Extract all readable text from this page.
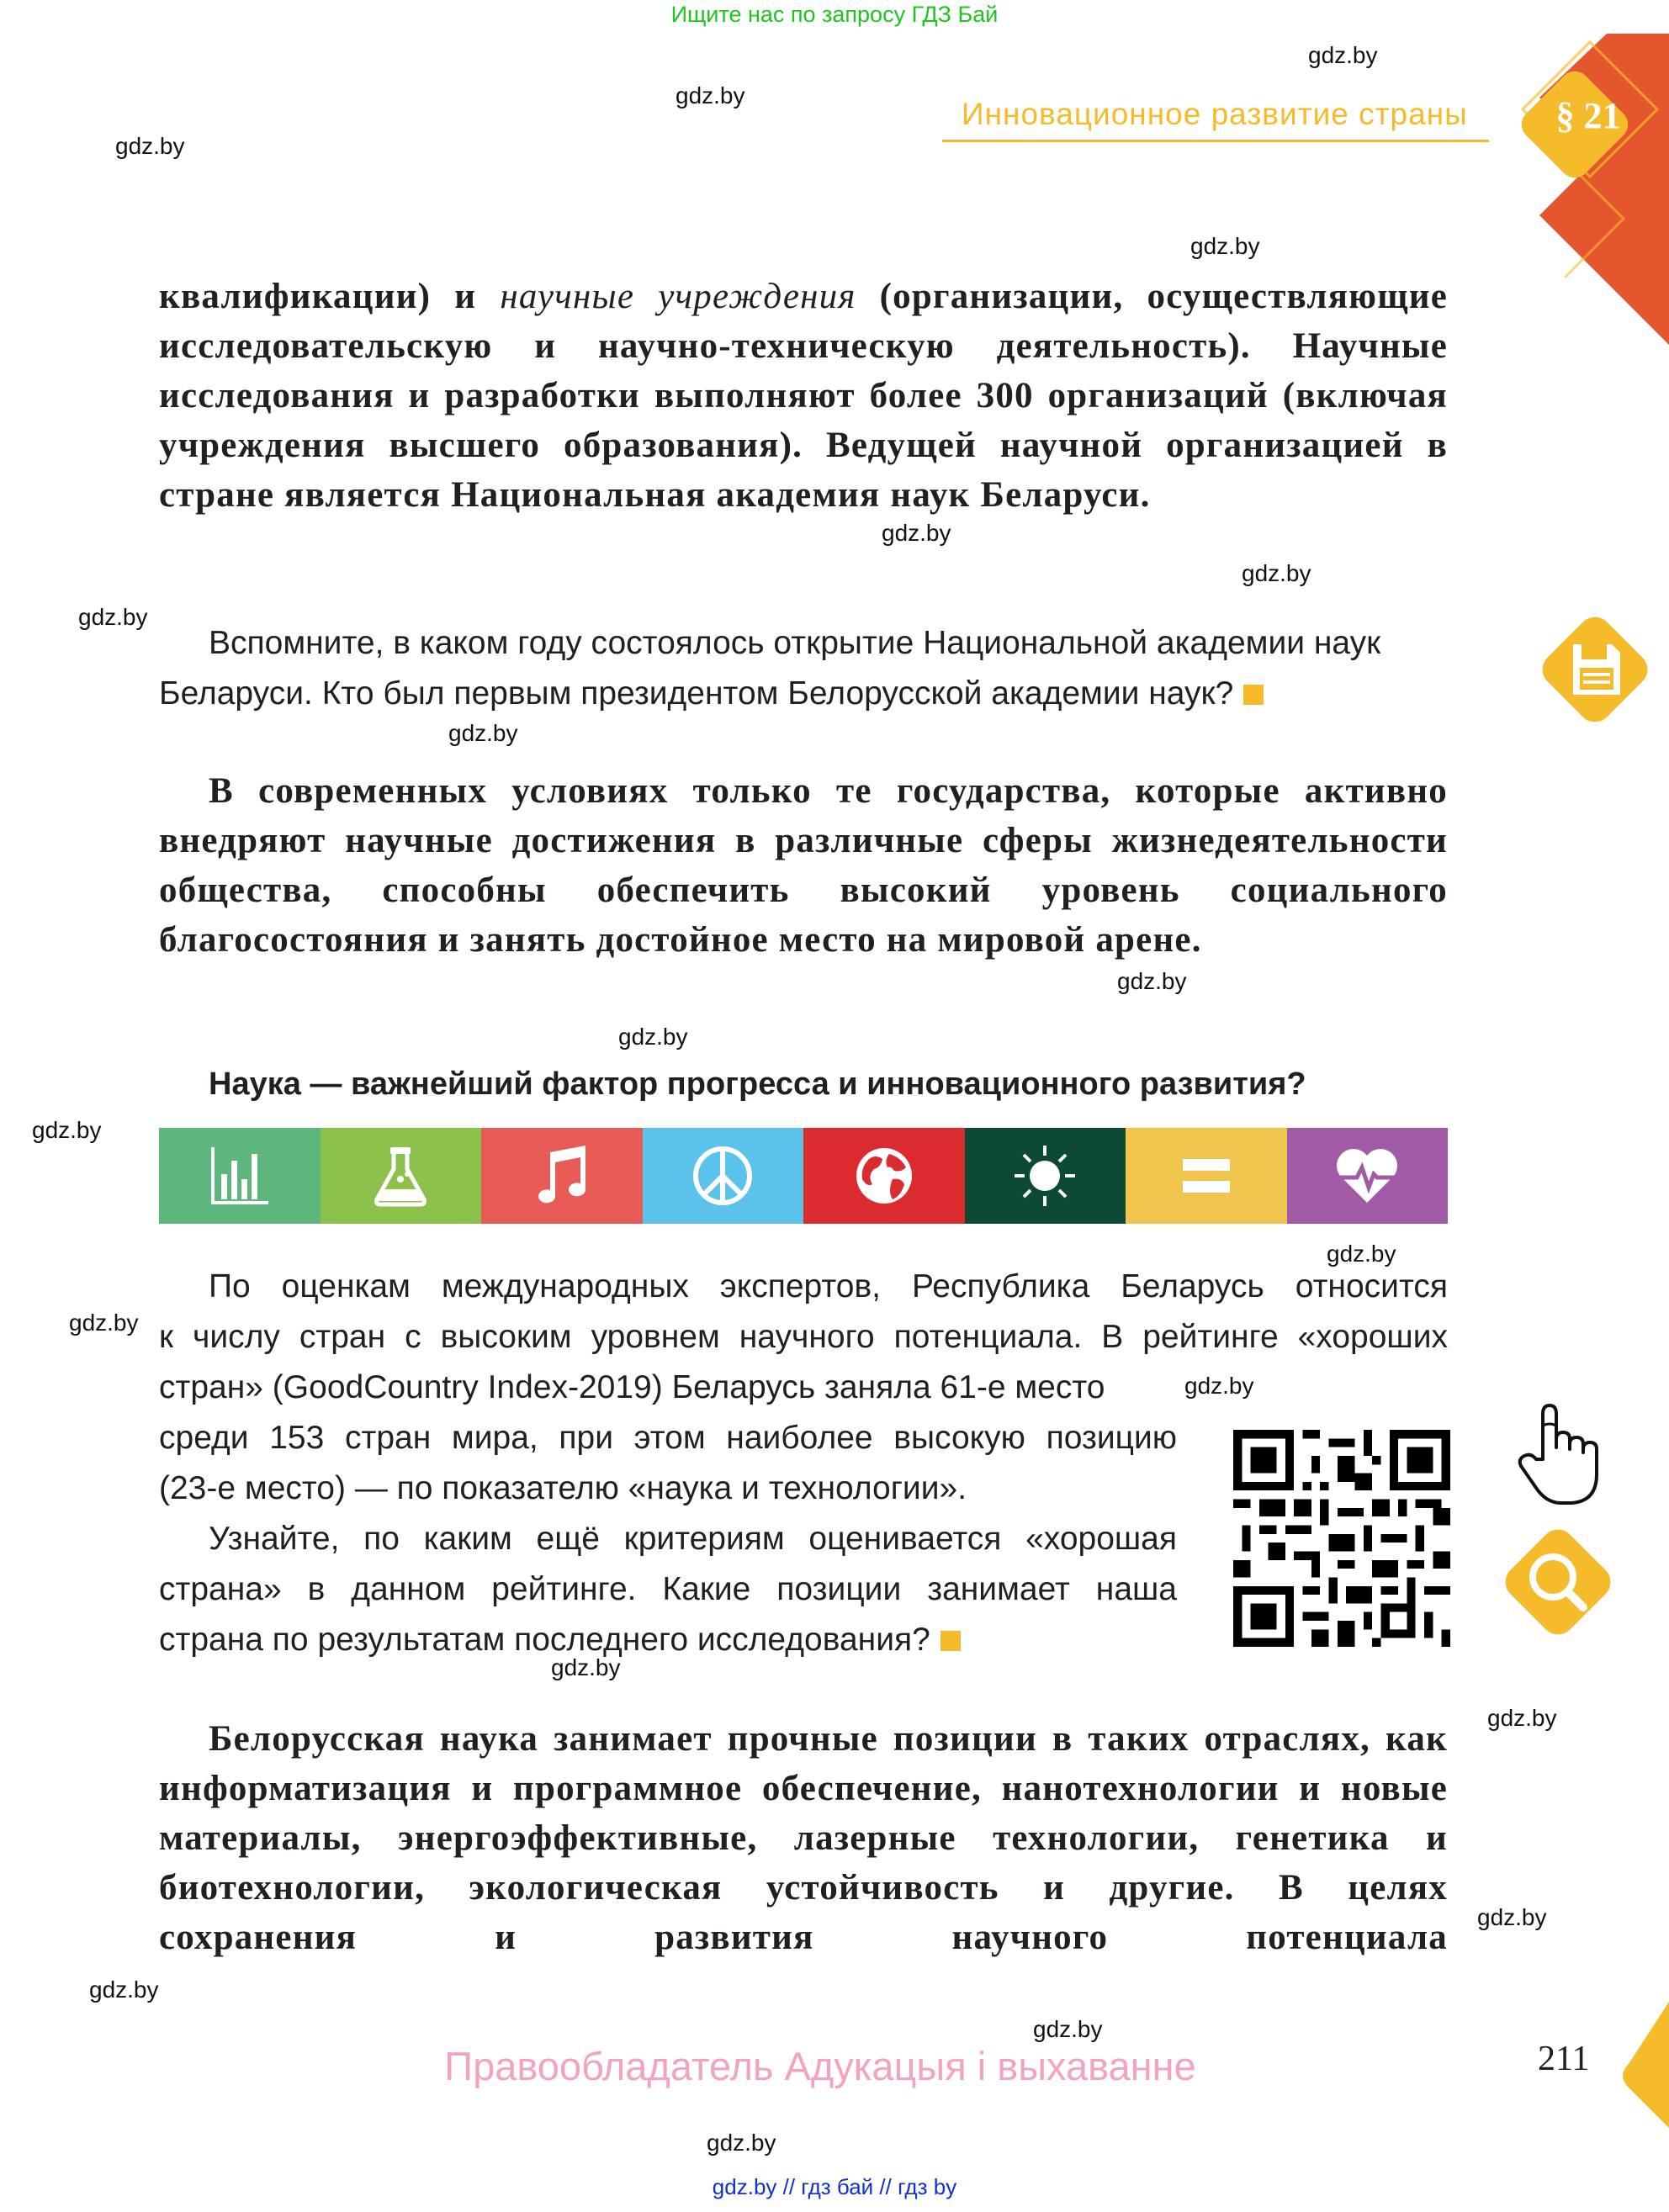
Ищите нас по запросу ГДЗ Бай
Инновационное развитие страны	§ 21
квалификации) и научные учреждения (организации, осуществляющие исследовательскую и научно-техническую деятельность). Научные исследования и разработки выполняют более 300 организаций (включая учреждения высшего образования). Ведущей научной организацией в стране является Национальная академия наук Беларуси.
Вспомните, в каком году состоялось открытие Национальной академии наук Беларуси. Кто был первым президентом Белорусской академии наук?
В современных условиях только те государства, которые активно внедряют научные достижения в различные сферы жизнедеятельности общества, способны обеспечить высокий уровень социального благосостояния и занять достойное место на мировой арене.
Наука — важнейший фактор прогресса и инновационного развития?
По оценкам международных экспертов, Республика Беларусь относится
к числу стран с высоким уровнем научного потенциала. В рейтинге «хороших
стран» (GoodCountry Index-2019) Беларусь заняла 61-е место
среди 153 стран мира, при этом наиболее высокую позицию
(23-е место) — по показателю «наука и технологии».
Узнайте, по каким ещё критериям оценивается «хорошая
страна» в данном рейтинге. Какие позиции занимает наша
страна по результатам последнего исследования?
Белорусская наука занимает прочные позиции в таких отраслях, как информатизация и программное обеспечение, нанотехнологии и новые материалы, энергоэффективные, лазерные технологии, генетика и биотехнологии, экологическая устойчивость и другие. В целях сохранения и развития научного потенциала
gdz.by
gdz.by
gdz.by
gdz.by
gdz.by
gdz.by
gdz.by
gdz.by
gdz.by
gdz.by
gdz.by
gdz.by
gdz.by
gdz.by
gdz.by
gdz.by
gdz.by
gdz.by
gdz.by
gdz.by
Правообладатель Адукацыя і выхаванне	211
gdz.by // гдз бай // гдз by
